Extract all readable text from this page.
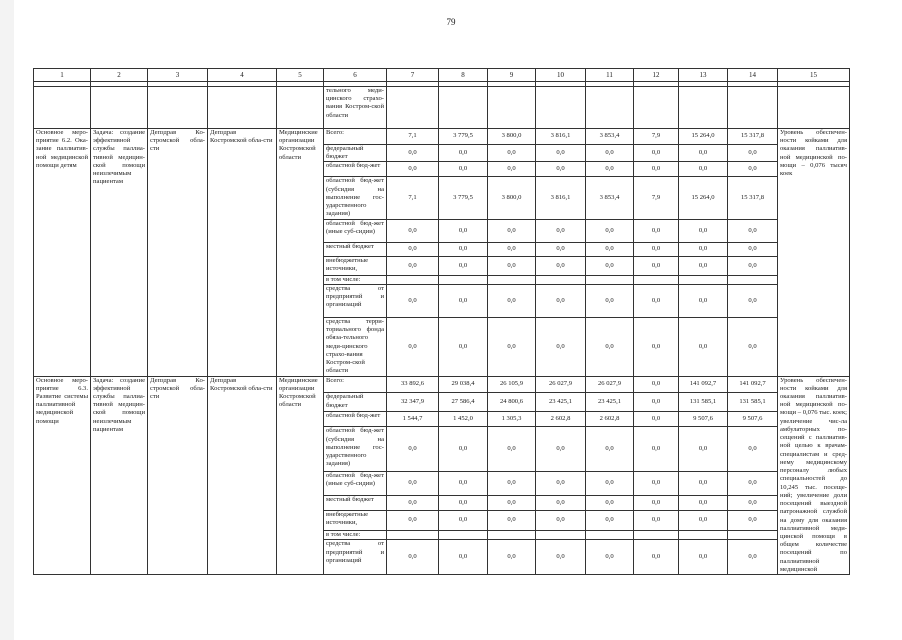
79
1	2	3	4	5	6	7	8	9	10	11	12	13	14	15

					тельного меди-цинского страхо-вания Костром-ской области									
Основное меро-приятие 6.2. Ока-зание паллиатив-ной медицинской помощи детям	Задача: создание эффективной службы паллиа-тивной медицин-ской помощи неизлечимым пациентам	Депздрав Ко-стромской обла-сти	Депздрав Костромской обла-сти	Медицинские организации Костромской области	Всего:	7,1	3 779,5	3 800,0	3 816,1	3 853,4	7,9	15 264,0	15 317,8	Уровень обеспечен-ности койками для оказания паллиатив-ной медицинской по-мощи – 0,076 тысяч коек
					федеральный бюджет	0,0	0,0	0,0	0,0	0,0	0,0	0,0	0,0	
					областной бюд-жет	0,0	0,0	0,0	0,0	0,0	0,0	0,0	0,0	
					областной бюд-жет (субсидия на выполнение гос-ударственного задания)	7,1	3 779,5	3 800,0	3 816,1	3 853,4	7,9	15 264,0	15 317,8	
					областной бюд-жет (иные суб-сидии)	0,0	0,0	0,0	0,0	0,0	0,0	0,0	0,0	
					местный бюджет	0,0	0,0	0,0	0,0	0,0	0,0	0,0	0,0	
					внебюджетные источники,	0,0	0,0	0,0	0,0	0,0	0,0	0,0	0,0	
					в том числе:									
					средства от предприятий и организаций	0,0	0,0	0,0	0,0	0,0	0,0	0,0	0,0	
					средства терри-ториального фонда обяза-тельного меди-цинского страхо-вания Костром-ской области	0,0	0,0	0,0	0,0	0,0	0,0	0,0	0,0	
Основное меро-приятие 6.3. Развитие системы паллиативной медицинской помощи	Задача: создание эффективной службы паллиа-тивной медицин-ской помощи неизлечимым пациентам	Депздрав Ко-стромской обла-сти	Депздрав Костромской обла-сти	Медицинские организации Костромской области	Всего:	33 892,6	29 038,4	26 105,9	26 027,9	26 027,9	0,0	141 092,7	141 092,7	Уровень обеспечен-ности койками для оказания паллиатив-ной медицинской по-мощи – 0,076 тыс. коек; увеличение чис-ла амбулаторных по-сещений с паллиатив-ной целью к врачам-специалистам и сред-нему медицинскому персоналу любых специальностей до 10,245 тыс. посеще-ний; увеличение доли посещений выездной патронажной службой на дому для оказания паллиативной меди-цинской помощи в общем количестве посещений по паллиативной медицинской
					федеральный бюджет	32 347,9	27 586,4	24 800,6	23 425,1	23 425,1	0,0	131 585,1	131 585,1	
					областной бюд-жет	1 544,7	1 452,0	1 305,3	2 602,8	2 602,8	0,0	9 507,6	9 507,6	
					областной бюд-жет (субсидия на выполнение гос-ударственного задания)	0,0	0,0	0,0	0,0	0,0	0,0	0,0	0,0	
					областной бюд-жет (иные суб-сидии)	0,0	0,0	0,0	0,0	0,0	0,0	0,0	0,0	
					местный бюджет	0,0	0,0	0,0	0,0	0,0	0,0	0,0	0,0	
					внебюджетные источники,	0,0	0,0	0,0	0,0	0,0	0,0	0,0	0,0	
					в том числе:									
					средства от предприятий и организаций	0,0	0,0	0,0	0,0	0,0	0,0	0,0	0,0	
